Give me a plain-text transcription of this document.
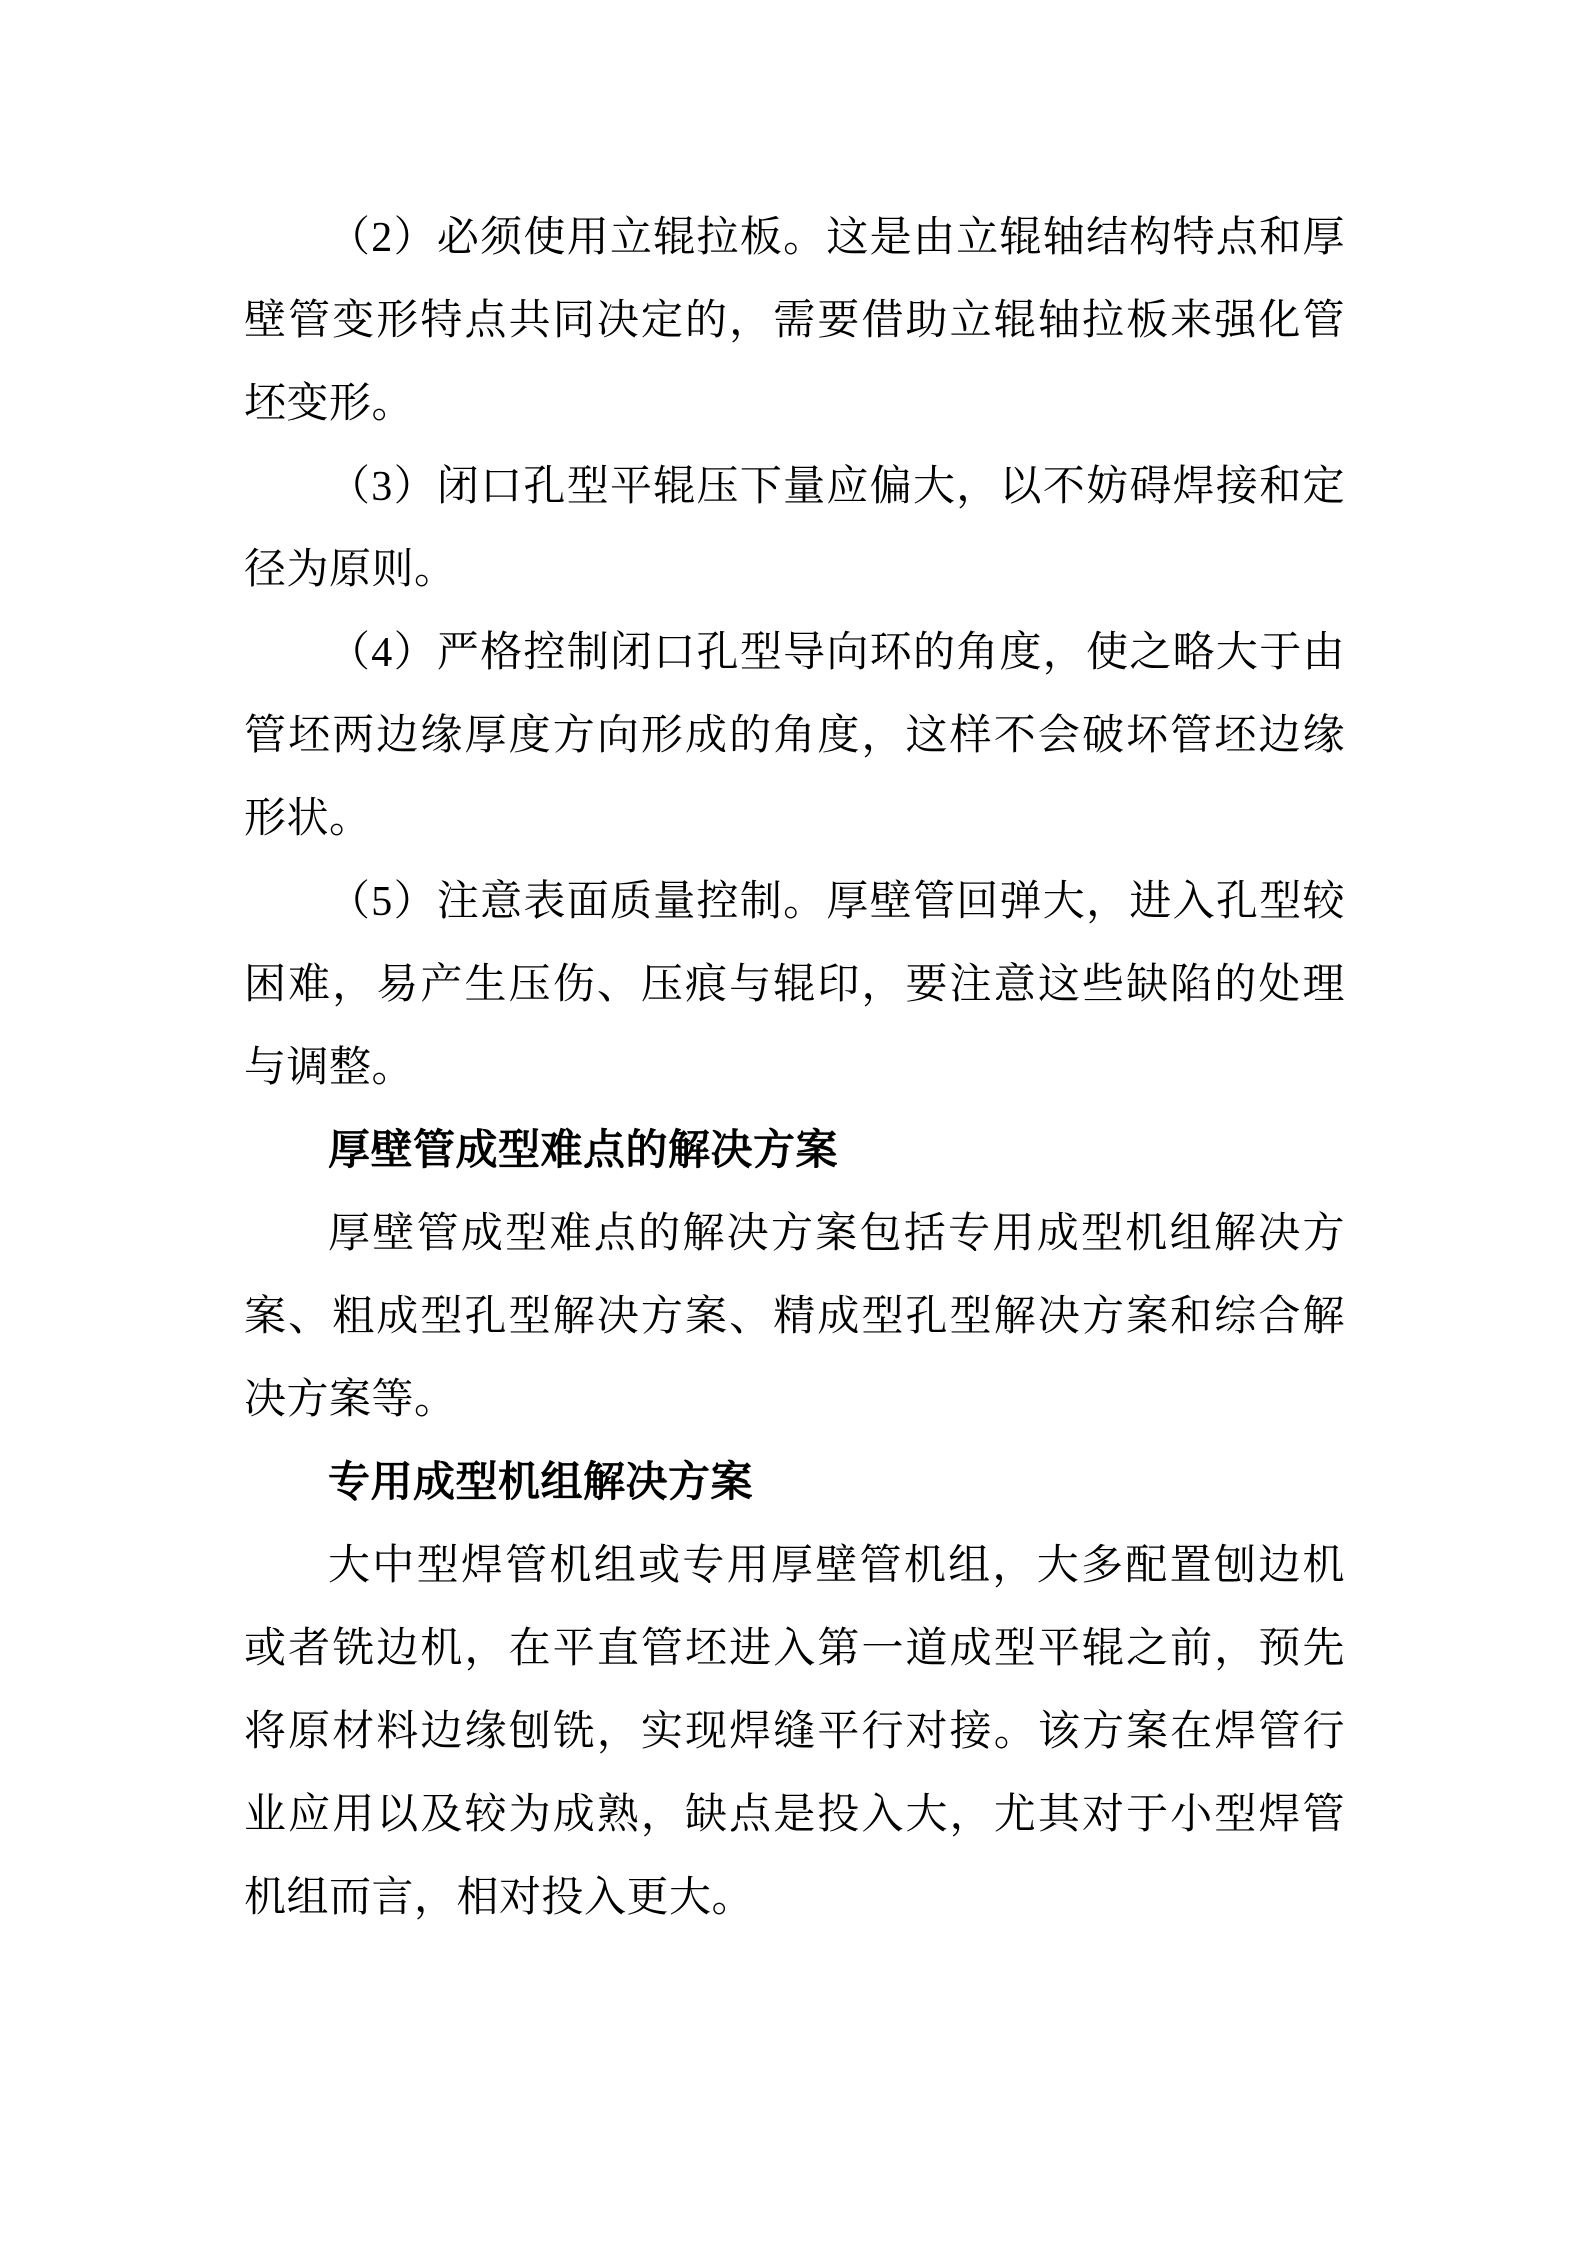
（2）必须使用立辊拉板。这是由立辊轴结构特点和厚壁管变形特点共同决定的，需要借助立辊轴拉板来强化管坯变形。

（3）闭口孔型平辊压下量应偏大，以不妨碍焊接和定径为原则。

（4）严格控制闭口孔型导向环的角度，使之略大于由管坯两边缘厚度方向形成的角度，这样不会破坏管坯边缘形状。

（5）注意表面质量控制。厚壁管回弹大，进入孔型较困难，易产生压伤、压痕与辊印，要注意这些缺陷的处理与调整。

厚壁管成型难点的解决方案

厚壁管成型难点的解决方案包括专用成型机组解决方案、粗成型孔型解决方案、精成型孔型解决方案和综合解决方案等。

专用成型机组解决方案

大中型焊管机组或专用厚壁管机组，大多配置刨边机或者铣边机，在平直管坯进入第一道成型平辊之前，预先将原材料边缘刨铣，实现焊缝平行对接。该方案在焊管行业应用以及较为成熟，缺点是投入大，尤其对于小型焊管机组而言，相对投入更大。
